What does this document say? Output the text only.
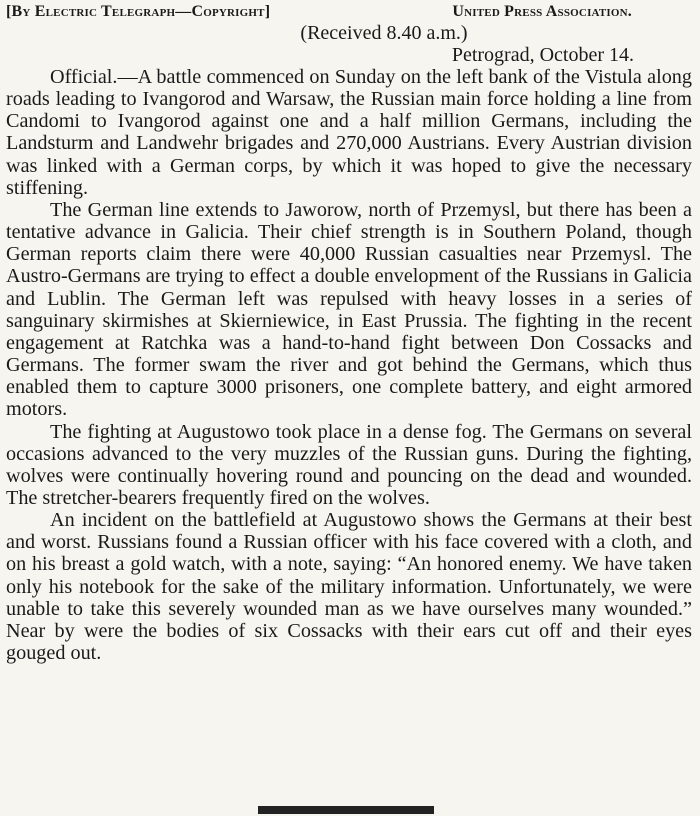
[By Electric Telegraph—Copyright]	United Press Association.
(Received 8.40 a.m.)
Petrograd, October 14.

Official.—A battle commenced on Sunday on the left bank of the Vistula along roads leading to Ivangorod and Warsaw, the Russian main force holding a line from Candomi to Ivangorod against one and a half million Germans, including the Landsturm and Landwehr brigades and 270,000 Austrians. Every Austrian division was linked with a German corps, by which it was hoped to give the necessary stiffening.

The German line extends to Jaworow, north of Przemysl, but there has been a tentative advance in Galicia. Their chief strength is in Southern Poland, though German reports claim there were 40,000 Russian casualties near Przemysl. The Austro-Germans are trying to effect a double envelopment of the Russians in Galicia and Lublin. The German left was repulsed with heavy losses in a series of sanguinary skirmishes at Skierniewice, in East Prussia. The fighting in the recent engagement at Ratchka was a hand-to-hand fight between Don Cossacks and Germans. The former swam the river and got behind the Germans, which thus enabled them to capture 3000 prisoners, one complete battery, and eight armored motors.

The fighting at Augustowo took place in a dense fog. The Germans on several occasions advanced to the very muzzles of the Russian guns. During the fighting, wolves were continually hovering round and pouncing on the dead and wounded. The stretcher-bearers frequently fired on the wolves.

An incident on the battlefield at Augustowo shows the Germans at their best and worst. Russians found a Russian officer with his face covered with a cloth, and on his breast a gold watch, with a note, saying: “An honored enemy. We have taken only his notebook for the sake of the military information. Unfortunately, we were unable to take this severely wounded man as we have ourselves many wounded.” Near by were the bodies of six Cossacks with their ears cut off and their eyes gouged out.
